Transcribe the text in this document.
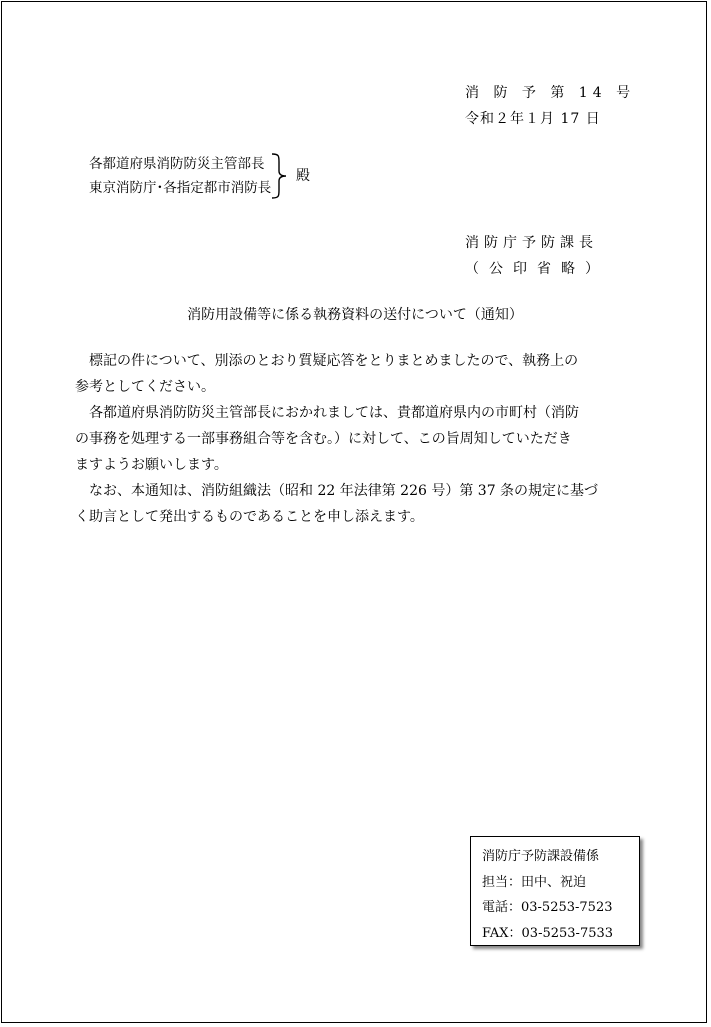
消 防 予 第 14 号
令和２年１月 17 日
各都道府県消防防災主管部長
東京消防庁･各指定都市消防長
殿
消防庁予防課長
（公印省略）
消防用設備等に係る執務資料の送付について（通知）
　標記の件について、別添のとおり質疑応答をとりまとめましたので、執務上の
参考としてください。
　各都道府県消防防災主管部長におかれましては、貴都道府県内の市町村（消防
の事務を処理する一部事務組合等を含む。）に対して、この旨周知していただき
ますようお願いします。
　なお、本通知は、消防組織法（昭和 22 年法律第 226 号）第 37 条の規定に基づ
く助言として発出するものであることを申し添えます。
消防庁予防課設備係
担当：田中、祝迫
電話：03-5253-7523
FAX：03-5253-7533
